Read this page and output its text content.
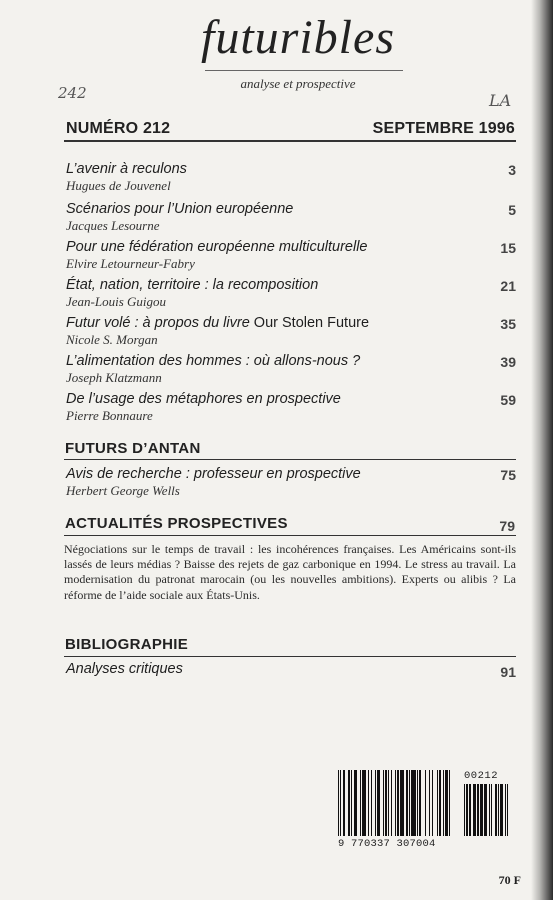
futuribles
analyse et prospective
242	LA
NUMÉRO 212	SEPTEMBRE 1996
L’avenir à reculons
Hugues de Jouvenel
3
Scénarios pour l’Union européenne
Jacques Lesourne
5
Pour une fédération européenne multiculturelle
Elvire Letourneur-Fabry
15
État, nation, territoire : la recomposition
Jean-Louis Guigou
21
Futur volé : à propos du livre Our Stolen Future
Nicole S. Morgan
35
L’alimentation des hommes : où allons-nous ?
Joseph Klatzmann
39
De l’usage des métaphores en prospective
Pierre Bonnaure
59
FUTURS D’ANTAN
Avis de recherche : professeur en prospective
Herbert George Wells
75
ACTUALITÉS PROSPECTIVES	79
Négociations sur le temps de travail : les incohérences françaises. Les Américains sont-ils lassés de leurs médias ? Baisse des rejets de gaz carbonique en 1994. Le stress au travail. La modernisation du patronat marocain (ou les nouvelles ambitions). Experts ou alibis ? La réforme de l’aide sociale aux États-Unis.
BIBLIOGRAPHIE
Analyses critiques	91
9 770337 307004
00212
70 F
